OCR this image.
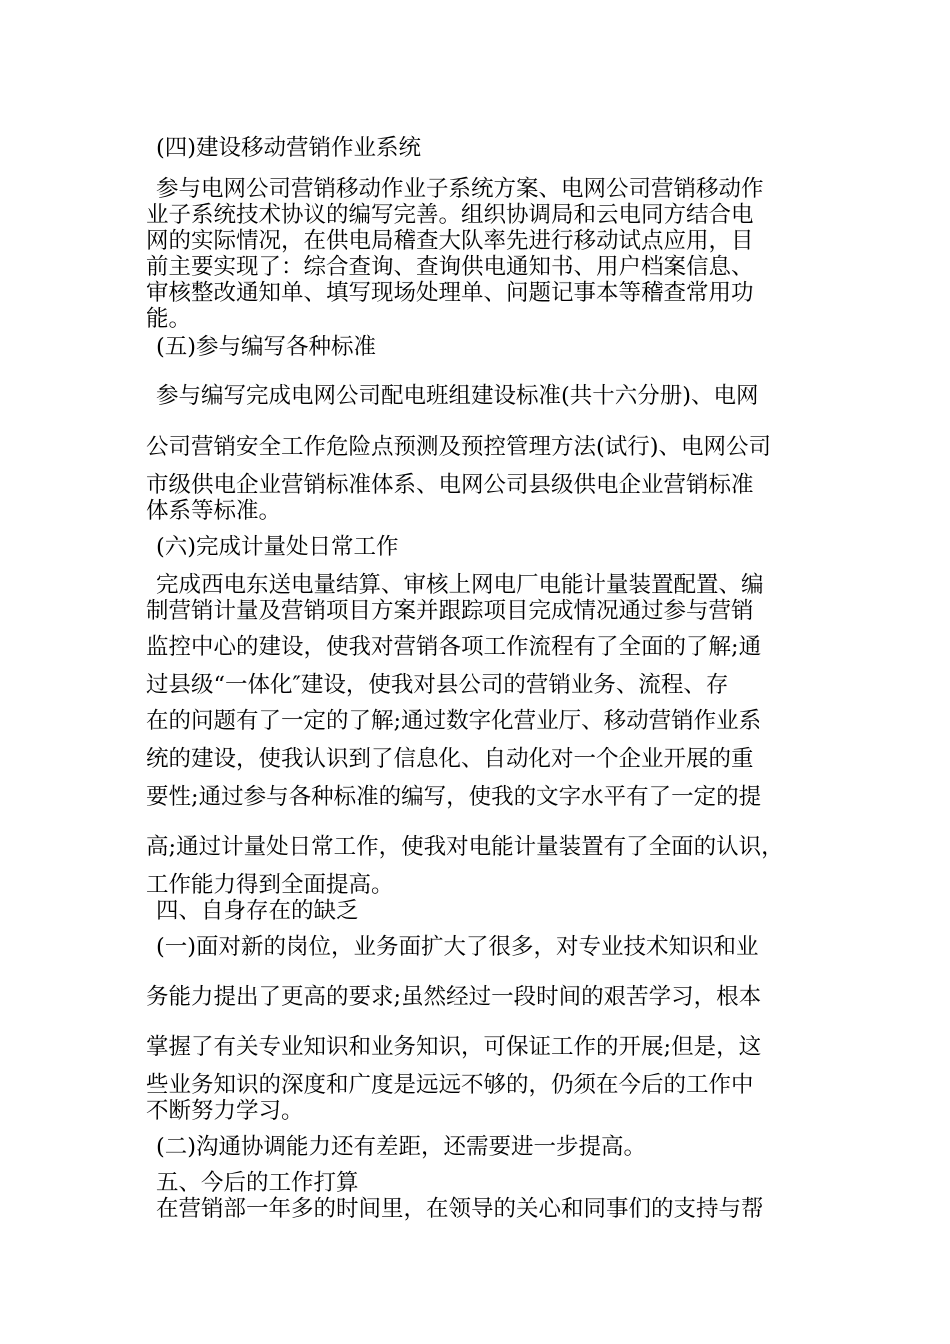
(四)建设移动营销作业系统
参与电网公司营销移动作业子系统方案、电网公司营销移动作
业子系统技术协议的编写完善。组织协调局和云电同方结合电
网的实际情况，在供电局稽查大队率先进行移动试点应用，目
前主要实现了：综合查询、查询供电通知书、用户档案信息、
审核整改通知单、填写现场处理单、问题记事本等稽查常用功
能。
(五)参与编写各种标准
参与编写完成电网公司配电班组建设标准(共十六分册)、电网
公司营销安全工作危险点预测及预控管理方法(试行)、电网公司
市级供电企业营销标准体系、电网公司县级供电企业营销标准
体系等标准。
(六)完成计量处日常工作
完成西电东送电量结算、审核上网电厂电能计量装置配置、编
制营销计量及营销项目方案并跟踪项目完成情况通过参与营销
监控中心的建设，使我对营销各项工作流程有了全面的了解;通
过县级“一体化″建设，使我对县公司的营销业务、流程、存
在的问题有了一定的了解;通过数字化营业厅、移动营销作业系
统的建设，使我认识到了信息化、自动化对一个企业开展的重
要性;通过参与各种标准的编写，使我的文字水平有了一定的提
高;通过计量处日常工作，使我对电能计量装置有了全面的认识，
工作能力得到全面提高。
四、自身存在的缺乏
(一)面对新的岗位，业务面扩大了很多，对专业技术知识和业
务能力提出了更高的要求;虽然经过一段时间的艰苦学习，根本
掌握了有关专业知识和业务知识，可保证工作的开展;但是，这
些业务知识的深度和广度是远远不够的，仍须在今后的工作中
不断努力学习。
(二)沟通协调能力还有差距，还需要进一步提高。
五、今后的工作打算
在营销部一年多的时间里，在领导的关心和同事们的支持与帮
